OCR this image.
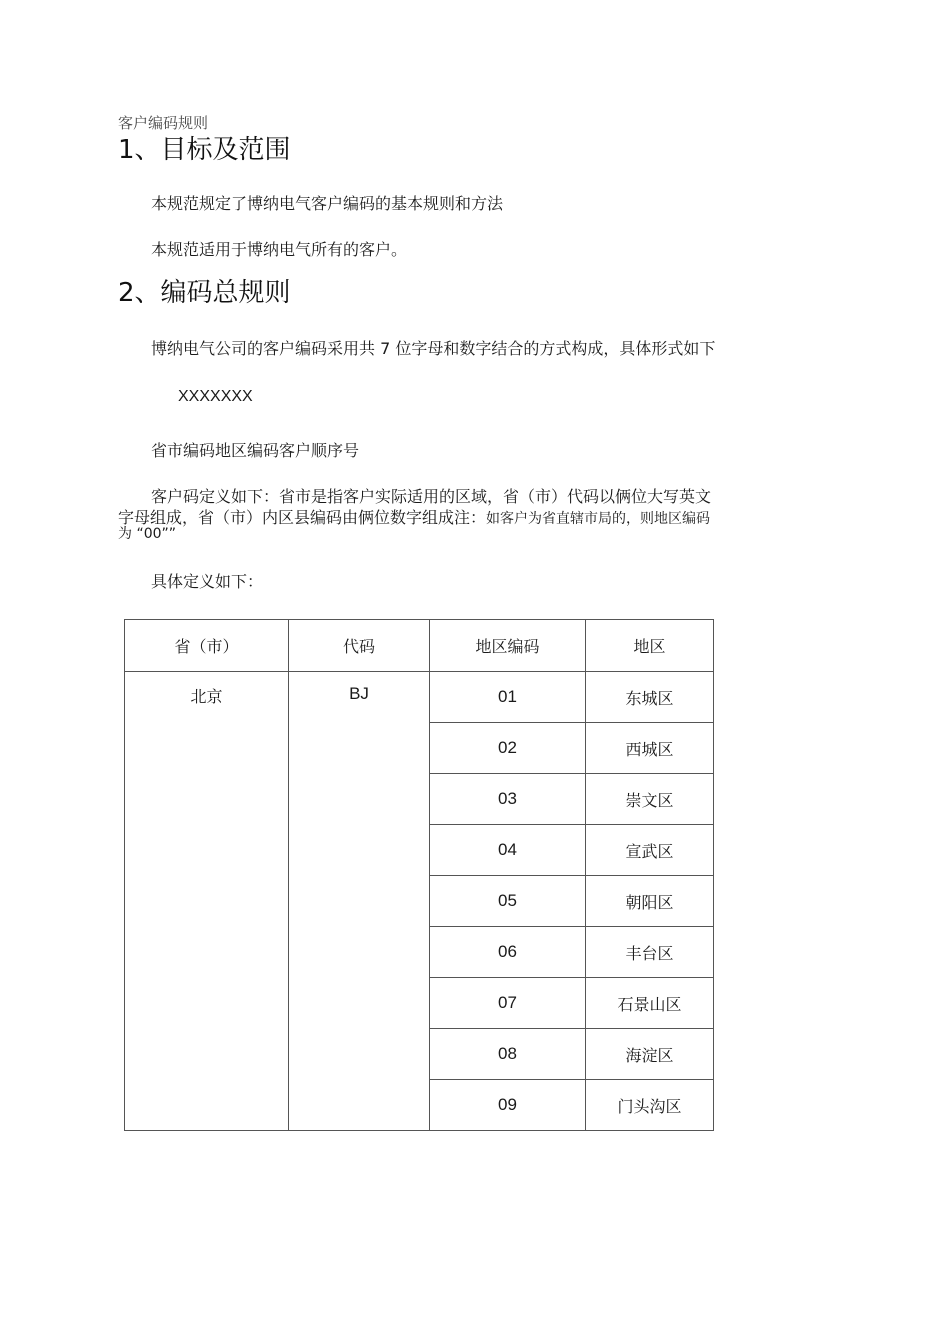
客户编码规则
1、目标及范围
本规范规定了博纳电气客户编码的基本规则和方法
本规范适用于博纳电气所有的客户。
2、编码总规则
博纳电气公司的客户编码采用共 7 位字母和数字结合的方式构成，具体形式如下
XXXXXXX
省市编码地区编码客户顺序号
客户码定义如下：省市是指客户实际适用的区域，省（市）代码以俩位大写英文
字母组成，省（市）内区县编码由俩位数字组成注：如客户为省直辖市局的，则地区编码
为 “00””
具体定义如下：
省（市）	代码	地区编码	地区
北京	BJ	01	东城区
		02	西城区
		03	崇文区
		04	宣武区
		05	朝阳区
		06	丰台区
		07	石景山区
		08	海淀区
		09	门头沟区
